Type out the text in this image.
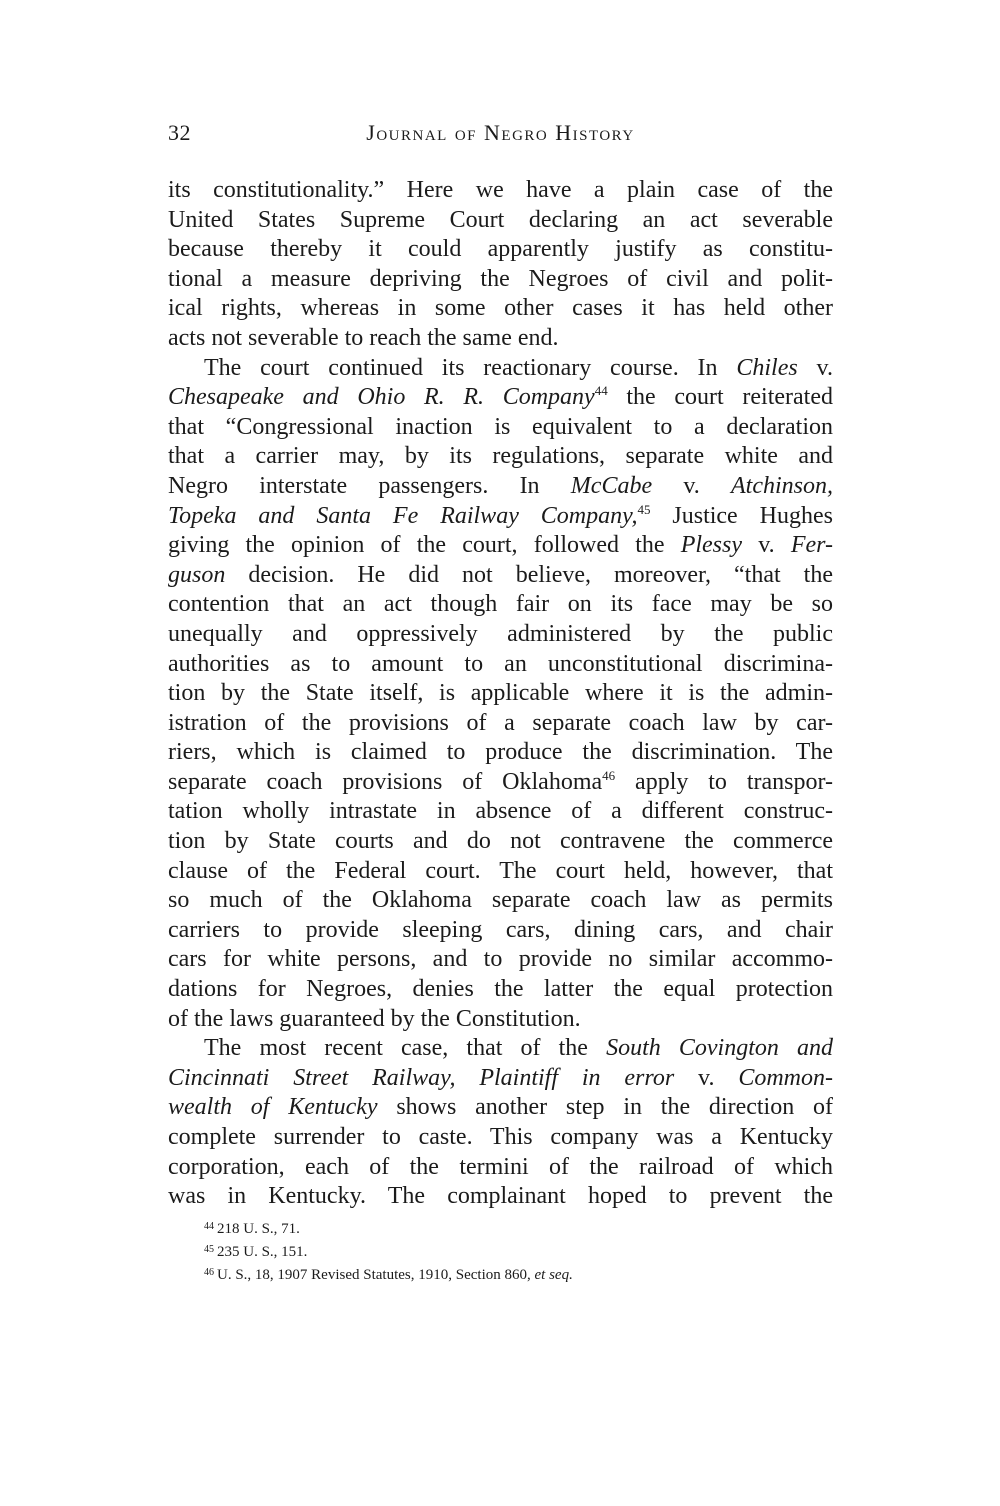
32	Journal of Negro History

its constitutionality.” Here we have a plain case of the
United States Supreme Court declaring an act severable
because thereby it could apparently justify as constitu-
tional a measure depriving the Negroes of civil and polit-
ical rights, whereas in some other cases it has held other
acts not severable to reach the same end.

The court continued its reactionary course. In Chiles v.
Chesapeake and Ohio R. R. Company$^{44}$ the court reiterated
that “Congressional inaction is equivalent to a declaration
that a carrier may, by its regulations, separate white and
Negro interstate passengers. In McCabe v. Atchinson,
Topeka and Santa Fe Railway Company,$^{45}$ Justice Hughes
giving the opinion of the court, followed the Plessy v. Fer-
guson decision. He did not believe, moreover, “that the
contention that an act though fair on its face may be so
unequally and oppressively administered by the public
authorities as to amount to an unconstitutional discrimina-
tion by the State itself, is applicable where it is the admin-
istration of the provisions of a separate coach law by car-
riers, which is claimed to produce the discrimination. The
separate coach provisions of Oklahoma$^{46}$ apply to transpor-
tation wholly intrastate in absence of a different construc-
tion by State courts and do not contravene the commerce
clause of the Federal court. The court held, however, that
so much of the Oklahoma separate coach law as permits
carriers to provide sleeping cars, dining cars, and chair
cars for white persons, and to provide no similar accommo-
dations for Negroes, denies the latter the equal protection
of the laws guaranteed by the Constitution.

The most recent case, that of the South Covington and
Cincinnati Street Railway, Plaintiff in error v. Common-
wealth of Kentucky shows another step in the direction of
complete surrender to caste. This company was a Kentucky
corporation, each of the termini of the railroad of which
was in Kentucky. The complainant hoped to prevent the

$^{44}$ 218 U. S., 71.
$^{45}$ 235 U. S., 151.
$^{46}$ U. S., 18, 1907 Revised Statutes, 1910, Section 860, et seq.
